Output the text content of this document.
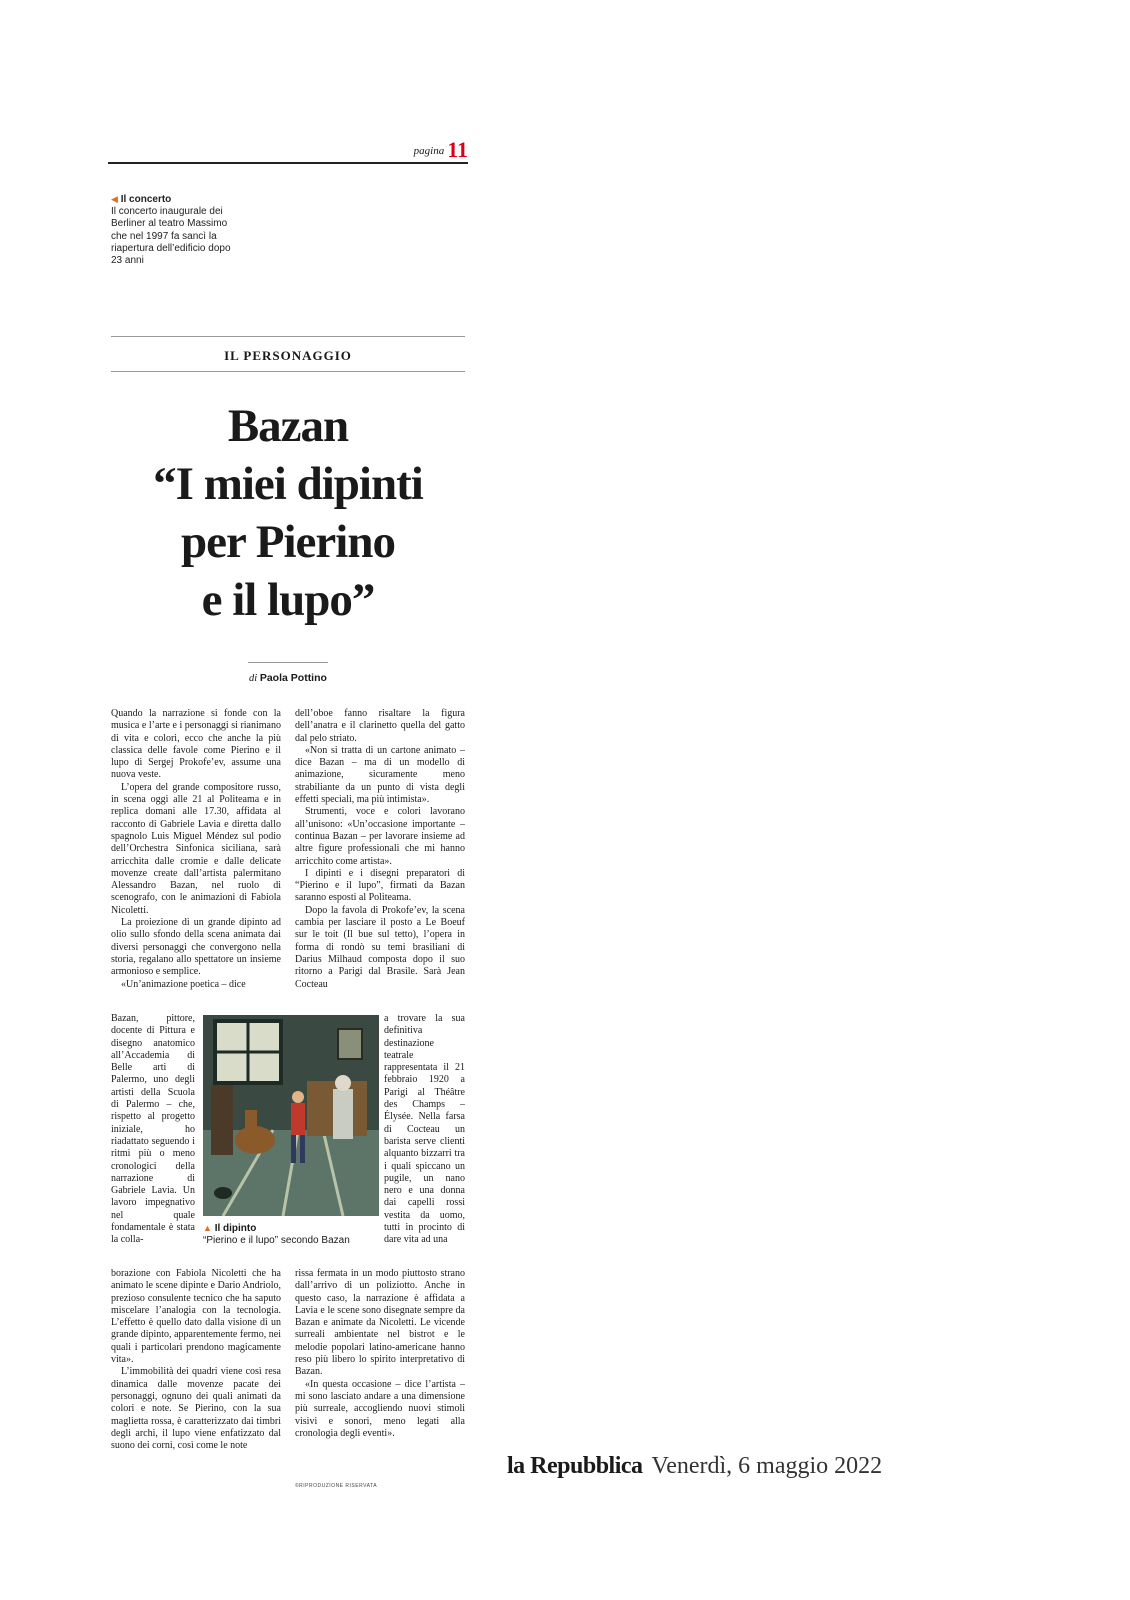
pagina 11
◀ Il concerto
Il concerto inaugurale dei Berliner al teatro Massimo che nel 1997 fa sancì la riapertura dell’edificio dopo 23 anni
IL PERSONAGGIO
Bazan
“I miei dipinti
per Pierino
e il lupo”
di Paola Pottino

Quando la narrazione si fonde con la musica e l’arte e i personaggi si rianimano di vita e colori, ecco che anche la più classica delle favole come Pierino e il lupo di Sergej Prokofe’ev, assume una nuova veste.

L’opera del grande compositore russo, in scena oggi alle 21 al Politeama e in replica domani alle 17.30, affidata al racconto di Gabriele Lavia e diretta dallo spagnolo Luis Miguel Méndez sul podio dell’Orchestra Sinfonica siciliana, sarà arricchita dalle cromie e dalle delicate movenze create dall’artista palermitano Alessandro Bazan, nel ruolo di scenografo, con le animazioni di Fabiola Nicoletti.

La proiezione di un grande dipinto ad olio sullo sfondo della scena animata dai diversi personaggi che convergono nella storia, regalano allo spettatore un insieme armonioso e semplice.

«Un’animazione poetica – dice

Bazan, pittore, docente di Pittura e disegno anatomico all’Accademia di Belle arti di Palermo, uno degli artisti della Scuola di Palermo – che, rispetto al progetto iniziale, ho riadattato seguendo i ritmi più o meno cronologici della narrazione di Gabriele Lavia. Un lavoro impegnativo nel quale fondamentale è stata la colla-

borazione con Fabiola Nicoletti che ha animato le scene dipinte e Dario Andriolo, prezioso consulente tecnico che ha saputo miscelare l’analogia con la tecnologia. L’effetto è quello dato dalla visione di un grande dipinto, apparentemente fermo, nei quali i particolari prendono magicamente vita».

L’immobilità dei quadri viene così resa dinamica dalle movenze pacate dei personaggi, ognuno dei quali animati da colori e note. Se Pierino, con la sua maglietta rossa, è caratterizzato dai timbri degli archi, il lupo viene enfatizzato dal suono dei corni, così come le note

dell’oboe fanno risaltare la figura dell’anatra e il clarinetto quella del gatto dal pelo striato.

«Non si tratta di un cartone animato – dice Bazan – ma di un modello di animazione, sicuramente meno strabiliante da un punto di vista degli effetti speciali, ma più intimista».

Strumenti, voce e colori lavorano all’unisono: «Un’occasione importante – continua Bazan – per lavorare insieme ad altre figure professionali che mi hanno arricchito come artista».

I dipinti e i disegni preparatori di “Pierino e il lupo”, firmati da Bazan saranno esposti al Politeama.

Dopo la favola di Prokofe’ev, la scena cambia per lasciare il posto a Le Boeuf sur le toit (Il bue sul tetto), l’opera in forma di rondò su temi brasiliani di Darius Milhaud composta dopo il suo ritorno a Parigi dal Brasile. Sarà Jean Cocteau

a trovare la sua definitiva destinazione teatrale rappresentata il 21 febbraio 1920 a Parigi al Théâtre des Champs – Élysée. Nella farsa di Cocteau un barista serve clienti alquanto bizzarri tra i quali spiccano un pugile, un nano nero e una donna dai capelli rossi vestita da uomo, tutti in procinto di dare vita ad una

rissa fermata in un modo piuttosto strano dall’arrivo di un poliziotto. Anche in questo caso, la narrazione è affidata a Lavia e le scene sono disegnate sempre da Bazan e animate da Nicoletti. Le vicende surreali ambientate nel bistrot e le melodie popolari latino-americane hanno reso più libero lo spirito interpretativo di Bazan.

«In questa occasione – dice l’artista – mi sono lasciato andare a una dimensione più surreale, accogliendo nuovi stimoli visivi e sonori, meno legati alla cronologia degli eventi».

▲ Il dipinto
“Pierino e il lupo” secondo Bazan
©RIPRODUZIONE RISERVATA
la Repubblica Venerdì, 6 maggio 2022
